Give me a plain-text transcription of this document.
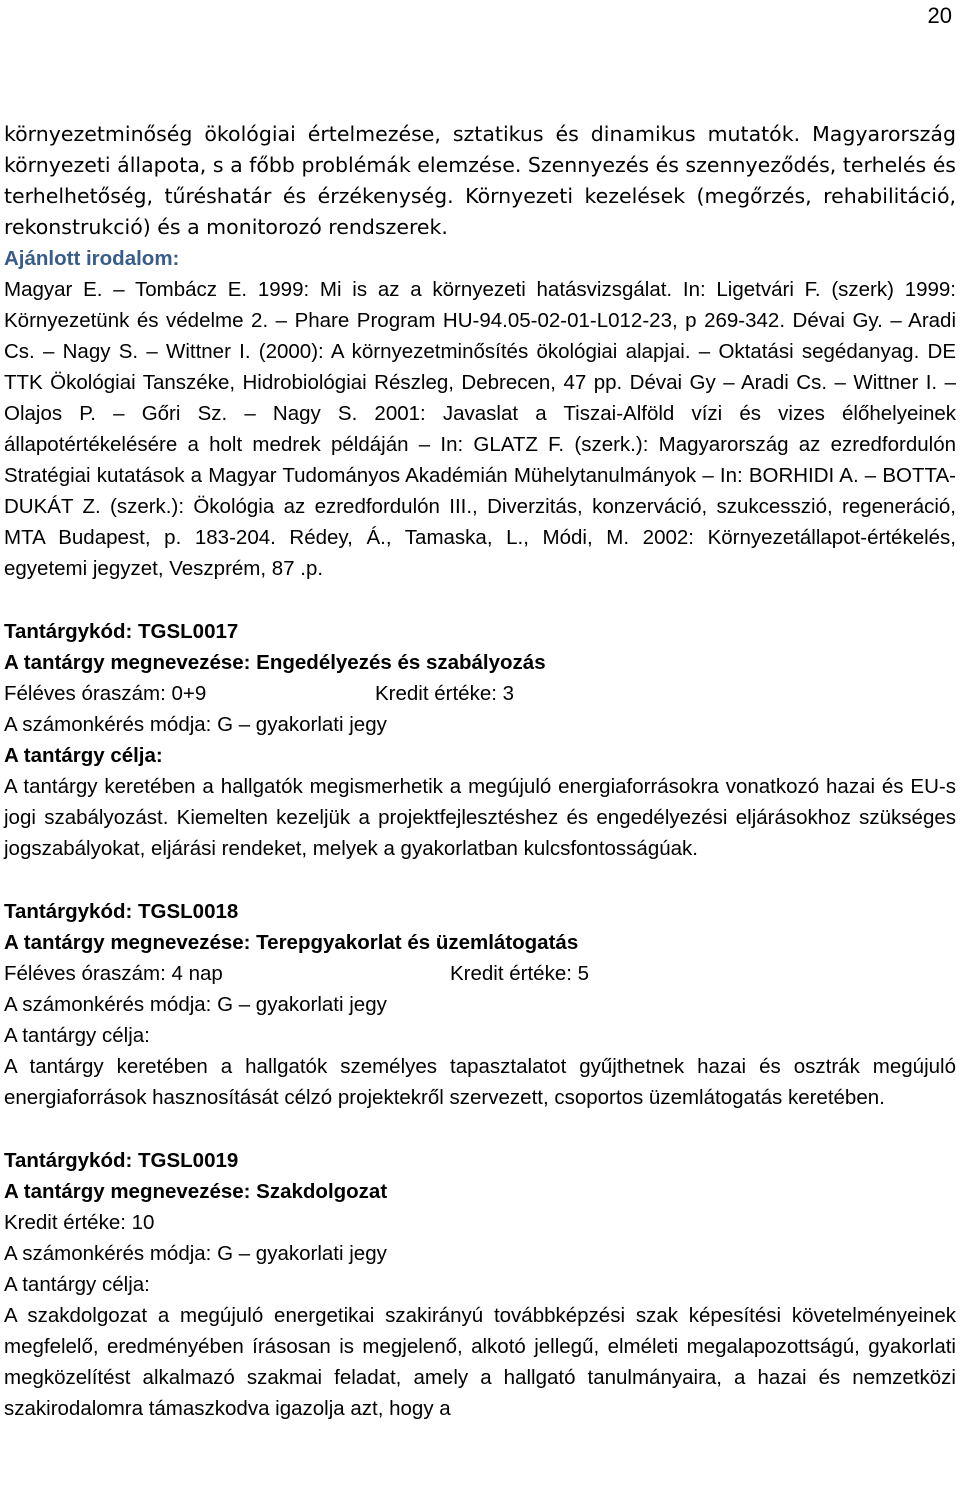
20

környezetminőség ökológiai értelmezése, sztatikus és dinamikus mutatók. Magyarország környezeti állapota, s a főbb problémák elemzése. Szennyezés és szennyeződés, terhelés és terhelhetőség, tűréshatár és érzékenység. Környezeti kezelések (megőrzés, rehabilitáció, rekonstrukció) és a monitorozó rendszerek.

Ajánlott irodalom:

Magyar E. – Tombácz E. 1999: Mi is az a környezeti hatásvizsgálat. In: Ligetvári F. (szerk) 1999: Környezetünk és védelme 2. – Phare Program HU-94.05-02-01-L012-23, p 269-342. Dévai Gy. – Aradi Cs. – Nagy S. – Wittner I. (2000): A környezetminősítés ökológiai alapjai. – Oktatási segédanyag. DE TTK Ökológiai Tanszéke, Hidrobiológiai Részleg, Debrecen, 47 pp. Dévai Gy – Aradi Cs. – Wittner I. – Olajos P. – Gőri Sz. – Nagy S. 2001: Javaslat a Tiszai-Alföld vízi és vizes élőhelyeinek állapotértékelésére a holt medrek példáján – In: GLATZ F. (szerk.): Magyarország az ezredfordulón Stratégiai kutatások a Magyar Tudományos Akadémián Mühelytanulmányok – In: BORHIDI A. – BOTTA-DUKÁT Z. (szerk.): Ökológia az ezredfordulón III., Diverzitás, konzerváció, szukcesszió, regeneráció, MTA Budapest, p. 183-204. Rédey, Á., Tamaska, L., Módi, M. 2002: Környezetállapot-értékelés, egyetemi jegyzet, Veszprém, 87 .p.

Tantárgykód: TGSL0017

A tantárgy megnevezése: Engedélyezés és szabályozás

Féléves óraszám: 0+9	Kredit értéke: 3

A számonkérés módja: G – gyakorlati jegy

A tantárgy célja:

A tantárgy keretében a hallgatók megismerhetik a megújuló energiaforrásokra vonatkozó hazai és EU-s jogi szabályozást. Kiemelten kezeljük a projektfejlesztéshez és engedélyezési eljárásokhoz szükséges jogszabályokat, eljárási rendeket, melyek a gyakorlatban kulcsfontosságúak.

Tantárgykód: TGSL0018

A tantárgy megnevezése: Terepgyakorlat és üzemlátogatás

Féléves óraszám: 4 nap	Kredit értéke: 5

A számonkérés módja: G – gyakorlati jegy

A tantárgy célja:

A tantárgy keretében a hallgatók személyes tapasztalatot gyűjthetnek hazai és osztrák megújuló energiaforrások hasznosítását célzó projektekről szervezett, csoportos üzemlátogatás keretében.

Tantárgykód: TGSL0019

A tantárgy megnevezése: Szakdolgozat

Kredit értéke: 10

A számonkérés módja: G – gyakorlati jegy

A tantárgy célja:

A szakdolgozat a megújuló energetikai szakirányú továbbképzési szak képesítési követelményeinek megfelelő, eredményében írásosan is megjelenő, alkotó jellegű, elméleti megalapozottságú, gyakorlati megközelítést alkalmazó szakmai feladat, amely a hallgató tanulmányaira, a hazai és nemzetközi szakirodalomra támaszkodva igazolja azt, hogy a
